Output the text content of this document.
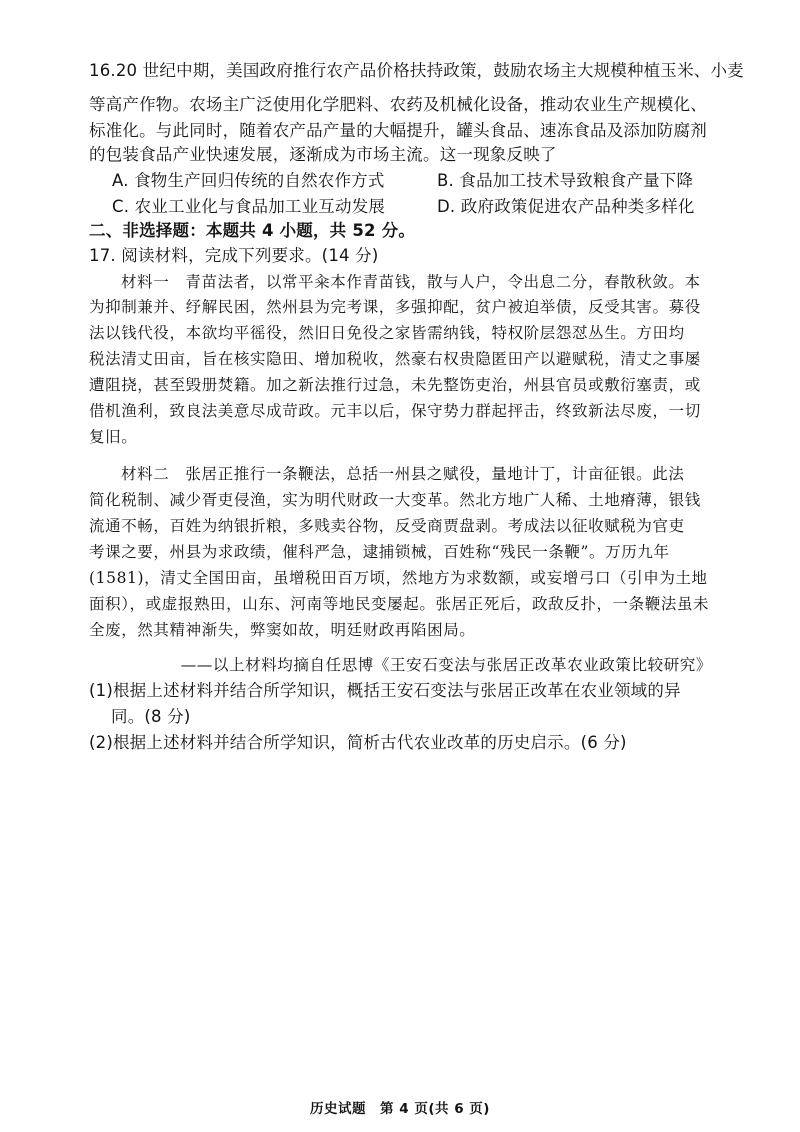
16.20 世纪中期，美国政府推行农产品价格扶持政策，鼓励农场主大规模种植玉米、小麦
等高产作物。农场主广泛使用化学肥料、农药及机械化设备，推动农业生产规模化、
标准化。与此同时，随着农产品产量的大幅提升，罐头食品、速冻食品及添加防腐剂
的包装食品产业快速发展，逐渐成为市场主流。这一现象反映了
A. 食物生产回归传统的自然农作方式	B. 食品加工技术导致粮食产量下降
C. 农业工业化与食品加工业互动发展	D. 政府政策促进农产品种类多样化
二、非选择题：本题共 4 小题，共 52 分。
17. 阅读材料，完成下列要求。(14 分)
材料一　青苗法者，以常平籴本作青苗钱，散与人户，令出息二分，春散秋敛。本
为抑制兼并、纾解民困，然州县为完考课，多强抑配，贫户被迫举债，反受其害。募役
法以钱代役，本欲均平徭役，然旧日免役之家皆需纳钱，特权阶层怨怼丛生。方田均
税法清丈田亩，旨在核实隐田、增加税收，然豪右权贵隐匿田产以避赋税，清丈之事屡
遭阻挠，甚至毁册焚籍。加之新法推行过急，未先整饬吏治，州县官员或敷衍塞责，或
借机渔利，致良法美意尽成苛政。元丰以后，保守势力群起抨击，终致新法尽废，一切
复旧。
材料二　张居正推行一条鞭法，总括一州县之赋役，量地计丁，计亩征银。此法
简化税制、减少胥吏侵渔，实为明代财政一大变革。然北方地广人稀、土地瘠薄，银钱
流通不畅，百姓为纳银折粮，多贱卖谷物，反受商贾盘剥。考成法以征收赋税为官吏
考课之要，州县为求政绩，催科严急，逮捕锁械，百姓称“残民一条鞭”。万历九年
(1581)，清丈全国田亩，虽增税田百万顷，然地方为求数额，或妄增弓口（引申为土地
面积），或虚报熟田，山东、河南等地民变屡起。张居正死后，政敌反扑，一条鞭法虽未
全废，然其精神渐失，弊窦如故，明廷财政再陷困局。
——以上材料均摘自任思博《王安石变法与张居正改革农业政策比较研究》
(1)根据上述材料并结合所学知识，概括王安石变法与张居正改革在农业领域的异
同。(8 分)
(2)根据上述材料并结合所学知识，简析古代农业改革的历史启示。(6 分)
历史试题　第 4 页(共 6 页)
